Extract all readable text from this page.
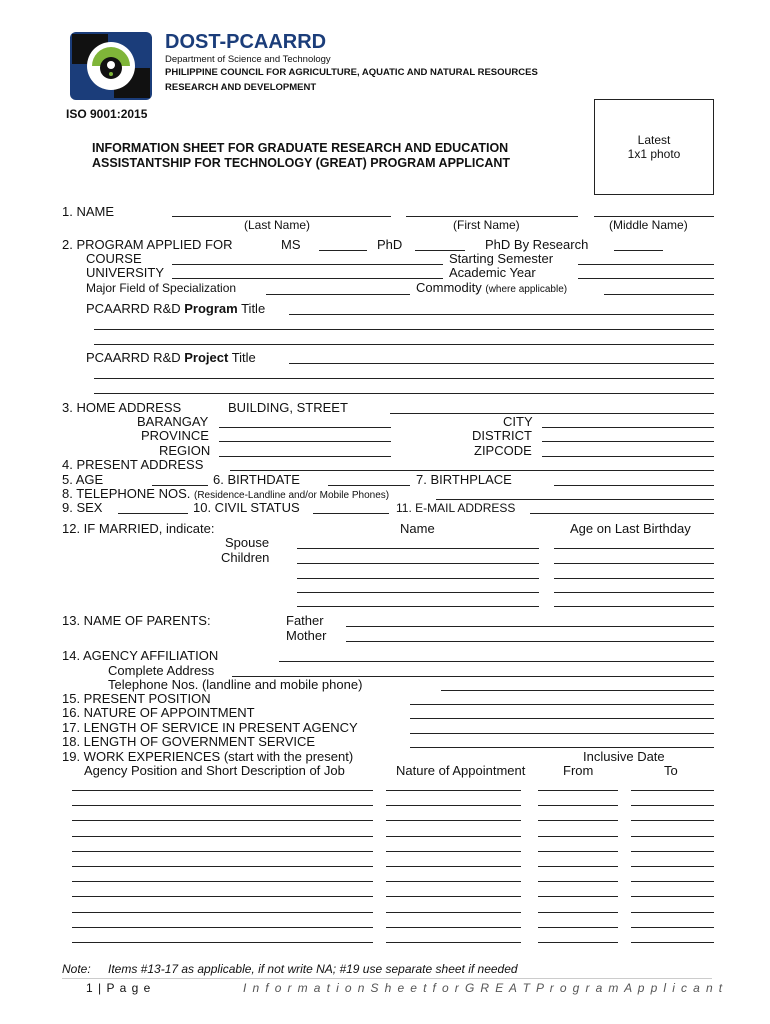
DOST-PCAARRD
Department of Science and Technology
PHILIPPINE COUNCIL FOR AGRICULTURE, AQUATIC AND NATURAL RESOURCES
RESEARCH AND DEVELOPMENT
ISO 9001:2015
INFORMATION SHEET FOR GRADUATE RESEARCH AND EDUCATION
ASSISTANTSHIP FOR TECHNOLOGY (GREAT) PROGRAM APPLICANT
Latest
1x1 photo
1. NAME
(Last Name)	(First Name)	(Middle Name)
2. PROGRAM APPLIED FOR	MS	PhD	PhD By Research
COURSE	Starting Semester
UNIVERSITY	Academic Year
Major Field of Specialization	Commodity (where applicable)
PCAARRD R&D Program Title
PCAARRD R&D Project Title
3. HOME ADDRESS	BUILDING, STREET
BARANGAY	CITY
PROVINCE	DISTRICT
REGION	ZIPCODE
4. PRESENT ADDRESS
5. AGE	6. BIRTHDATE	7. BIRTHPLACE
8. TELEPHONE NOS. (Residence-Landline and/or Mobile Phones)
9. SEX	10. CIVIL STATUS	11. E-MAIL ADDRESS
12. IF MARRIED, indicate:	Name	Age on Last Birthday
Spouse
Children
13. NAME OF PARENTS:	Father
Mother
14. AGENCY AFFILIATION
Complete Address
Telephone Nos. (landline and mobile phone)
15. PRESENT POSITION
16. NATURE OF APPOINTMENT
17. LENGTH OF SERVICE IN PRESENT AGENCY
18. LENGTH OF GOVERNMENT SERVICE
19. WORK EXPERIENCES (start with the present)	Inclusive Date
Agency Position and Short Description of Job	Nature of Appointment	From	To
Note: Items #13-17 as applicable, if not write NA; #19 use separate sheet if needed
1 | P a g e	I n f o r m a t i o n S h e e t f o r G R E A T P r o g r a m A p p l i c a n t
